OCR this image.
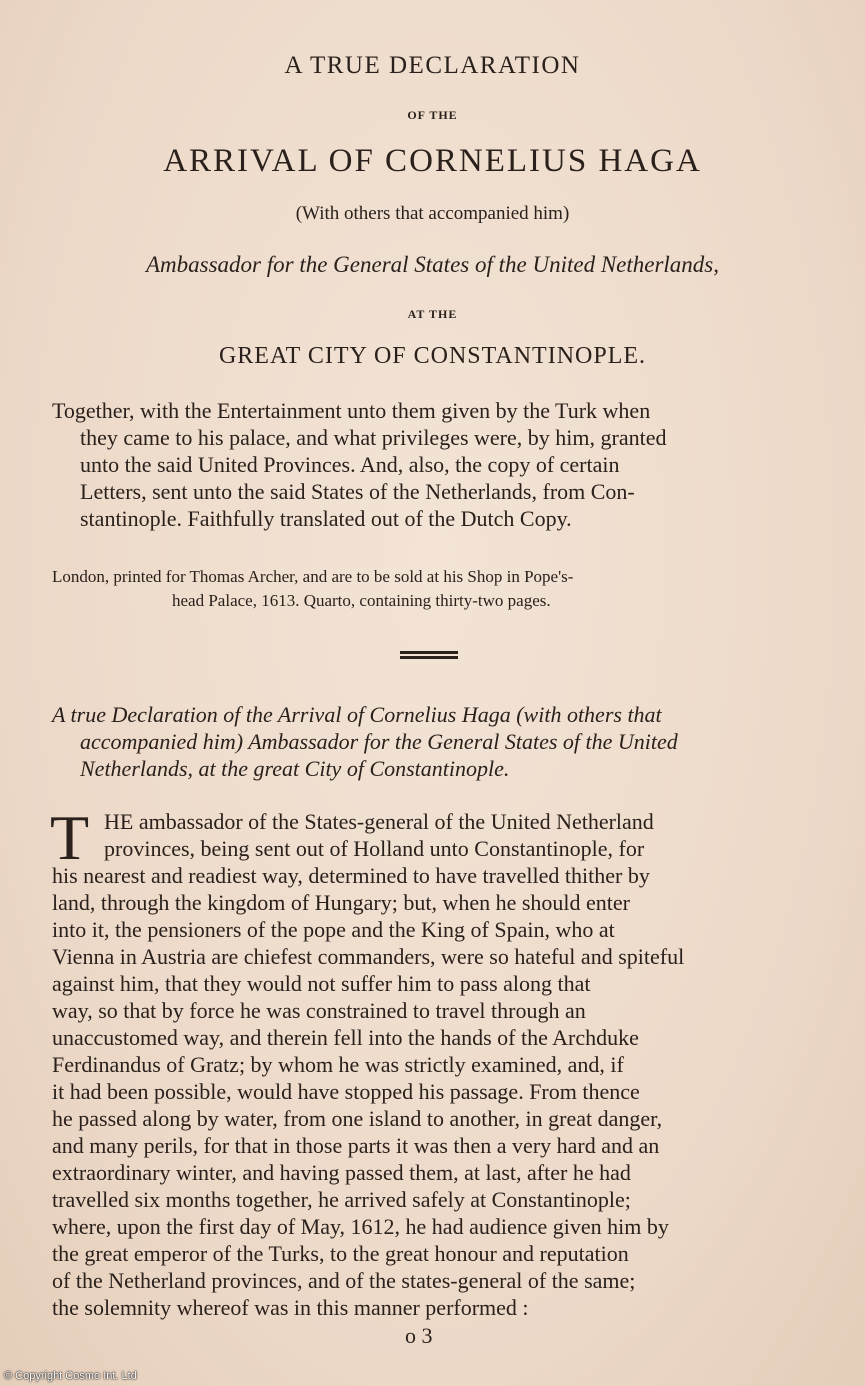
A TRUE DECLARATION
OF THE
ARRIVAL OF CORNELIUS HAGA
(With others that accompanied him)
Ambassador for the General States of the United Netherlands,
AT THE
GREAT CITY OF CONSTANTINOPLE.
Together, with the Entertainment unto them given by the Turk when
they came to his palace, and what privileges were, by him, granted
unto the said United Provinces. And, also, the copy of certain
Letters, sent unto the said States of the Netherlands, from Con-
stantinople. Faithfully translated out of the Dutch Copy.
London, printed for Thomas Archer, and are to be sold at his Shop in Pope's-
head Palace, 1613. Quarto, containing thirty-two pages.
A true Declaration of the Arrival of Cornelius Haga (with others that
accompanied him) Ambassador for the General States of the United
Netherlands, at the great City of Constantinople.
T HE ambassador of the States-general of the United Netherland
provinces, being sent out of Holland unto Constantinople, for
his nearest and readiest way, determined to have travelled thither by
land, through the kingdom of Hungary; but, when he should enter
into it, the pensioners of the pope and the King of Spain, who at
Vienna in Austria are chiefest commanders, were so hateful and spiteful
against him, that they would not suffer him to pass along that
way, so that by force he was constrained to travel through an
unaccustomed way, and therein fell into the hands of the Archduke
Ferdinandus of Gratz; by whom he was strictly examined, and, if
it had been possible, would have stopped his passage. From thence
he passed along by water, from one island to another, in great danger,
and many perils, for that in those parts it was then a very hard and an
extraordinary winter, and having passed them, at last, after he had
travelled six months together, he arrived safely at Constantinople;
where, upon the first day of May, 1612, he had audience given him by
the great emperor of the Turks, to the great honour and reputation
of the Netherland provinces, and of the states-general of the same;
the solemnity whereof was in this manner performed :
o 3
© Copyright Cosmo Int. Ltd
